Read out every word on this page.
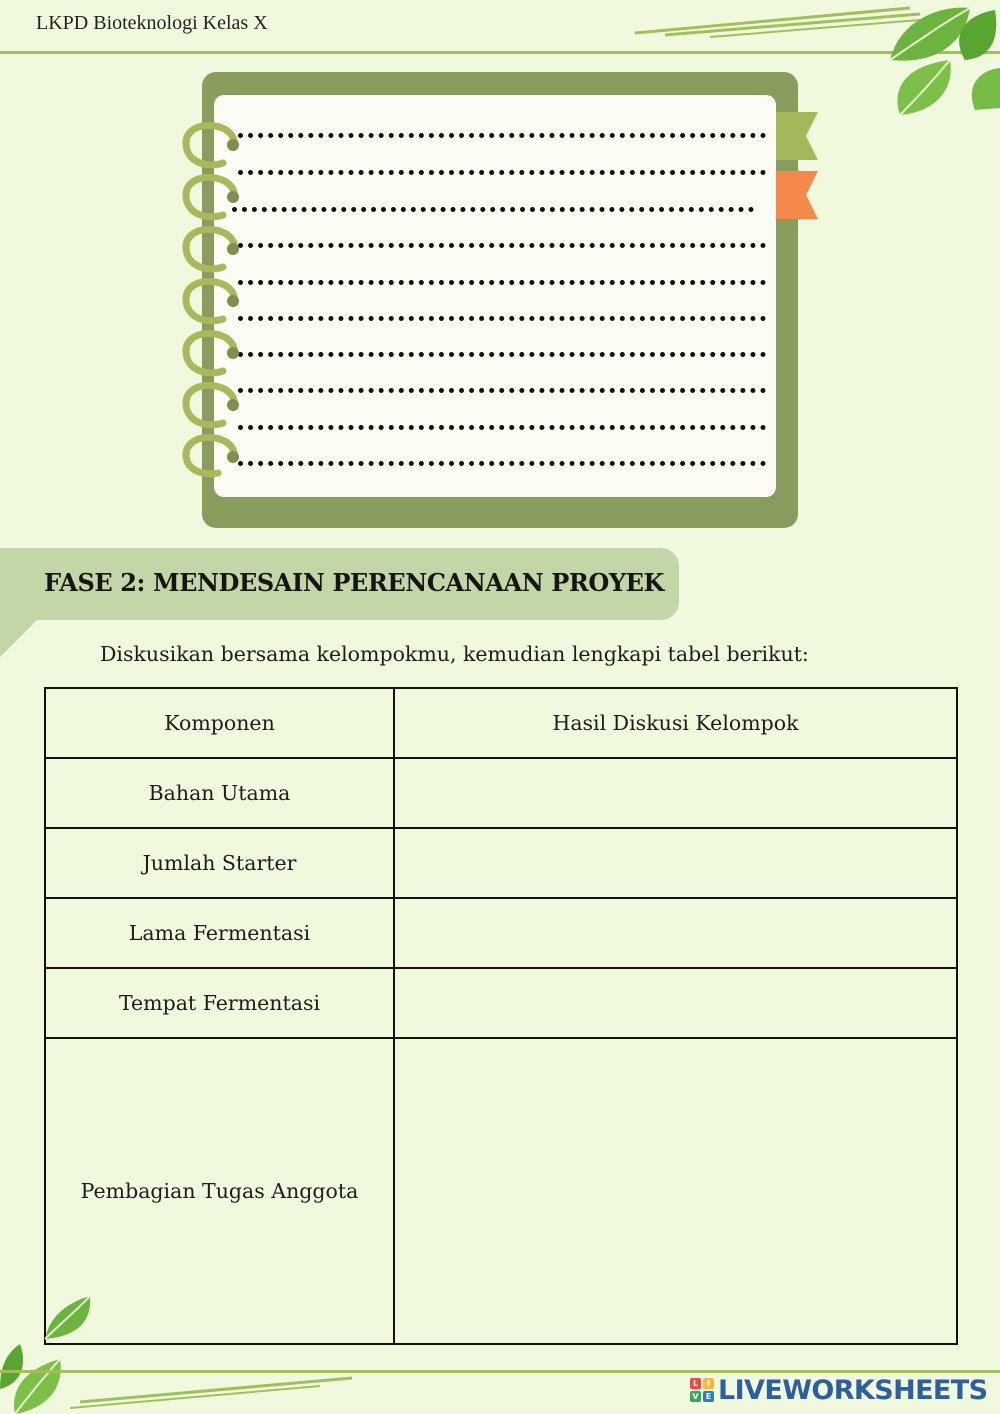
LKPD Bioteknologi Kelas X
FASE 2: MENDESAIN PERENCANAAN PROYEK
Diskusikan bersama kelompokmu, kemudian lengkapi tabel berikut:
Komponen	Hasil Diskusi Kelompok
Bahan Utama	
Jumlah Starter	
Lama Fermentasi	
Tempat Fermentasi	
Pembagian Tugas Anggota	
L	I
V E LIVEWORKSHEETS
